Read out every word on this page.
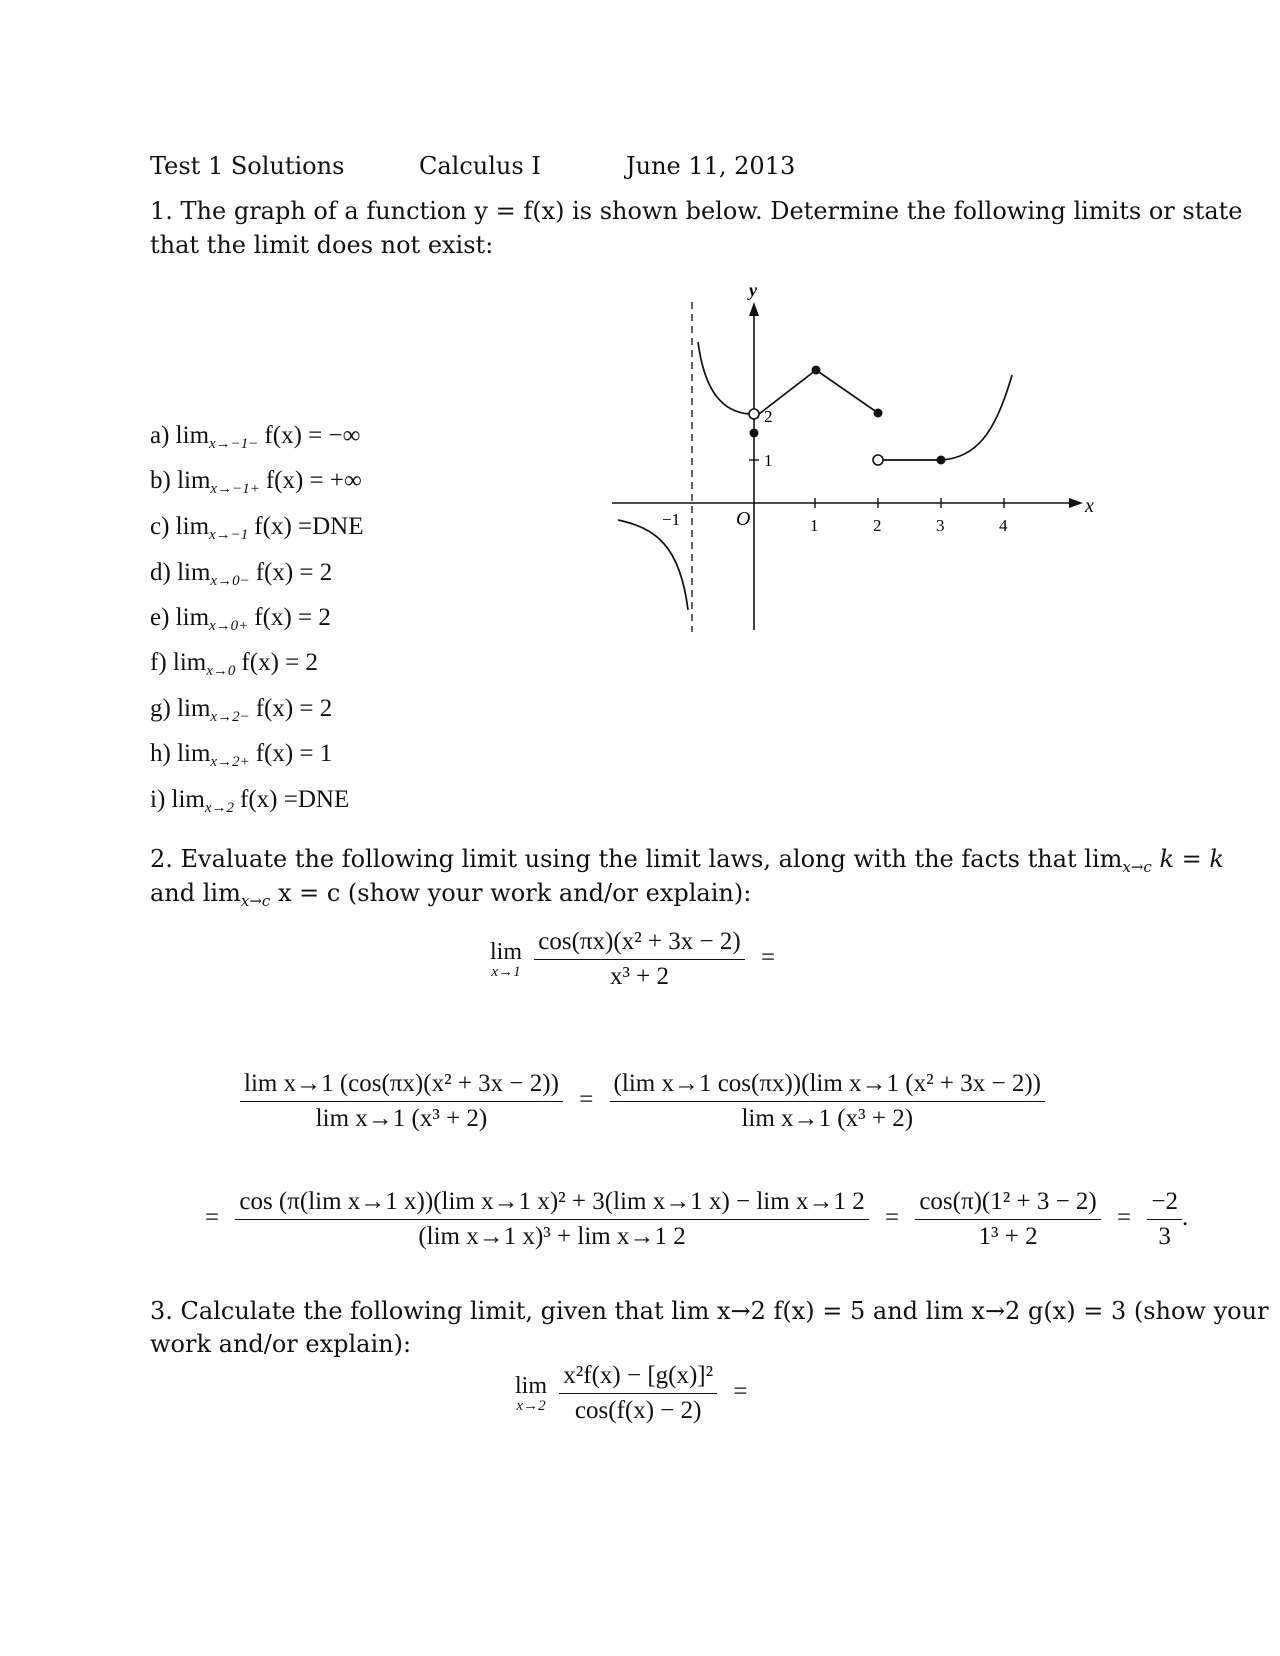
Test 1 Solutions	Calculus I	June 11, 2013
1. The graph of a function y = f(x) is shown below. Determine the following limits or state
that the limit does not exist:
a) $\lim_{x\to-1-} f(x)$ = −∞
b) $\lim_{x\to-1+} f(x)$ = +∞
c) $\lim_{x\to-1} f(x) =DNE$
d) $\lim_{x\to 0-} f(x) = 2$
e) $\lim_{x\to 0+} f(x) = 2$
f) $\lim_{x\to 0} f(x) = 2$
g) $\lim_{x\to 2-} f(x) = 2$
h) $\lim_{x\to 2+} f(x) = 1$
i) $\lim_{x\to 2} f(x) =DNE$
y
x
O
−1	1	2	3	4
1
2
2. Evaluate the following limit using the limit laws, along with the facts that $\lim_{x\to c} k = k$
and $\lim_{x\to c} x = c$ (show your work and/or explain):
lim
x→1
$\frac{\text{cos(πx)(x² + 3x − 2)}}{\text{x³ + 2}}$ =
$\frac{\text{lim x→1 (cos(πx)(x² + 3x − 2))}}{\text{lim x→1 (x³ + 2)}} = \frac{\text{(lim x→1 cos(πx))(lim x→1 (x² + 3x − 2))}}{\text{lim x→1 (x³ + 2)}}$
= $\frac{\text{cos (π(lim x→1 x))(lim x→1 x)² + 3(lim x→1 x) − lim x→1 2}}{\text{(lim x→1 x)³ + lim x→1 2}} = \frac{\text{cos(π)(1² + 3 − 2)}}{\text{1³ + 2}} = \frac{-2}{3}$ .
3. Calculate the following limit, given that lim x→2 f(x) = 5 and lim x→2 g(x) = 3 (show your
work and/or explain):
lim
x→2
$\frac{\text{x²f(x) − [g(x)]²}}{\cos(f(x) - 2)}$ =
